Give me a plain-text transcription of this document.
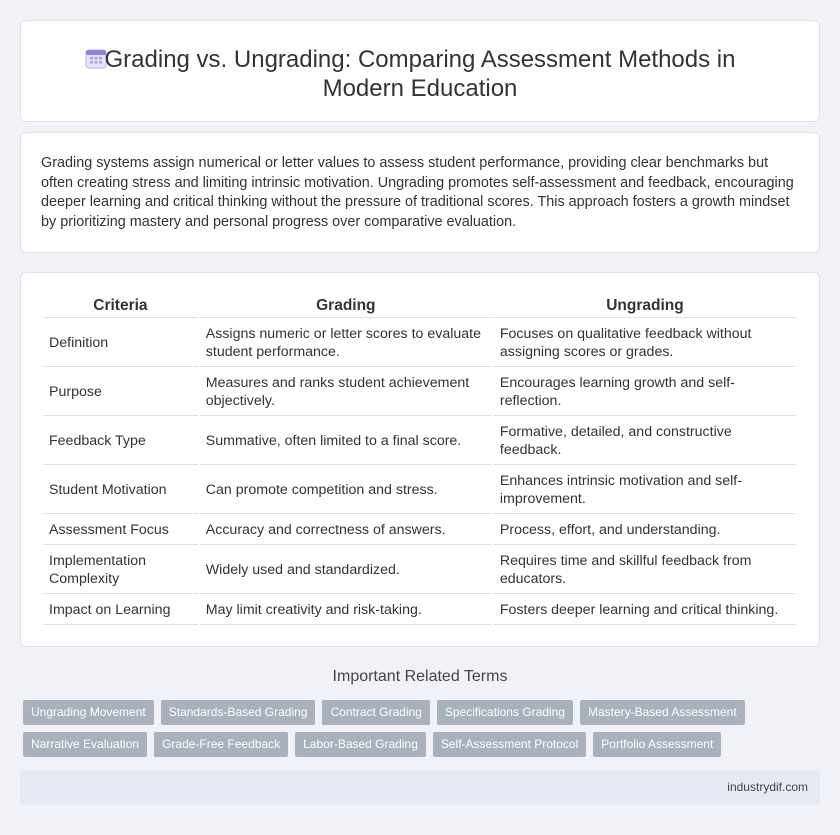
Grading vs. Ungrading: Comparing Assessment Methods in
Modern Education

Grading systems assign numerical or letter values to assess student performance, providing clear benchmarks but often creating stress and limiting intrinsic motivation. Ungrading promotes self-assessment and feedback, encouraging deeper learning and critical thinking without the pressure of traditional scores. This approach fosters a growth mindset by prioritizing mastery and personal progress over comparative evaluation.

Criteria	Grading	Ungrading
Definition	Assigns numeric or letter scores to evaluate student performance.	Focuses on qualitative feedback without assigning scores or grades.
Purpose	Measures and ranks student achievement objectively.	Encourages learning growth and self-reflection.
Feedback Type	Summative, often limited to a final score.	Formative, detailed, and constructive feedback.
Student Motivation	Can promote competition and stress.	Enhances intrinsic motivation and self-improvement.
Assessment Focus	Accuracy and correctness of answers.	Process, effort, and understanding.
Implementation Complexity	Widely used and standardized.	Requires time and skillful feedback from educators.
Impact on Learning	May limit creativity and risk-taking.	Fosters deeper learning and critical thinking.
Important Related Terms
Ungrading Movement	Standards-Based Grading	Contract Grading	Specifications Grading	Mastery-Based Assessment
Narrative Evaluation	Grade-Free Feedback	Labor-Based Grading	Self-Assessment Protocol	Portfolio Assessment
industrydif.com
